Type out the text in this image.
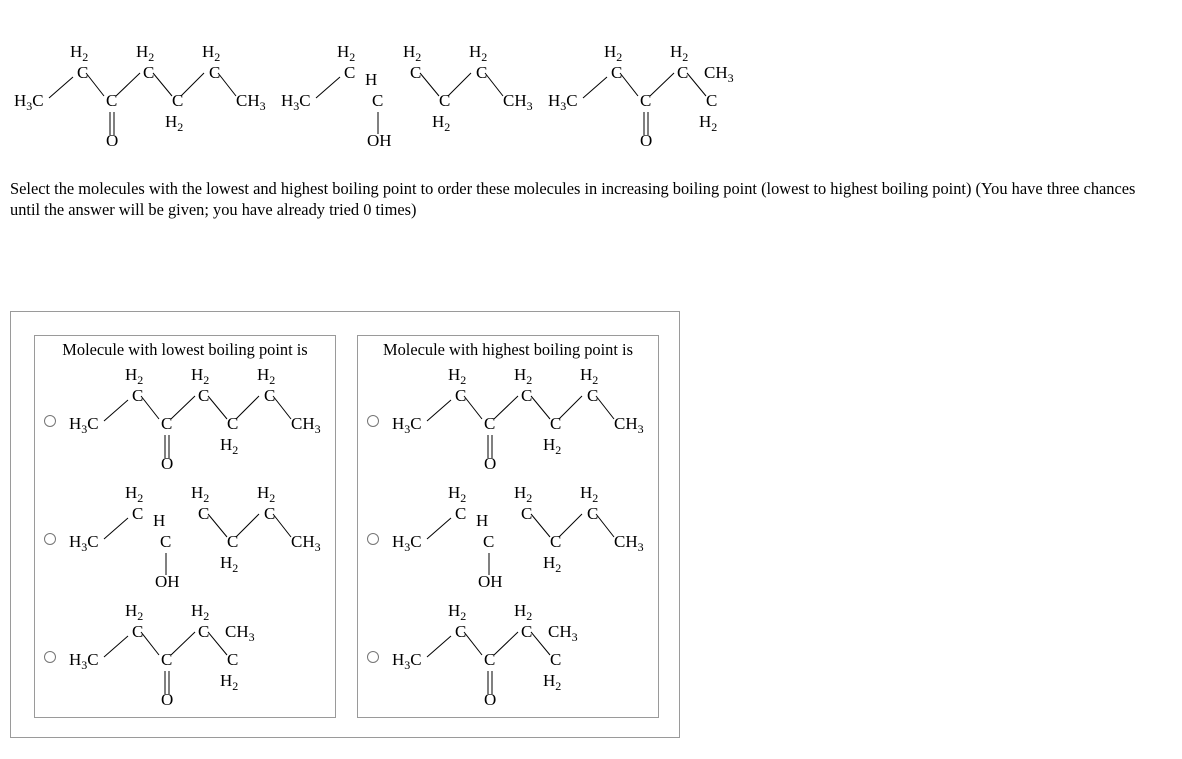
$H_3C$
$H_2$
C
C
O
$H_2$
C
C
$H_2$
$H_2$
C
$CH_3$ $H_3C$
$H_2$
C H
C
OH
$H_2$
C
C
$H_2$
$H_2$
C
$CH_3$ $H_3C$
$H_2$
C
C
O
$H_2$
C
C
$H_2$
$CH_3$

Select the molecules with the lowest and highest boiling point to order these molecules in increasing boiling point (lowest to highest boiling point) (You have three chances until the answer will be given; you have already tried 0 times)

Molecule with lowest boiling point is
$H_3C$
$H_2$
C
C
O
$H_2$
C
C
$H_2$
$H_2$
C
$CH_3$
$H_3C$
$H_2$
C H
C
OH
$H_2$
C
C
$H_2$
$H_2$
C
$CH_3$
$H_3C$
$H_2$
C
C
O
$H_2$
C
C
$H_2$
$CH_3$
Molecule with highest boiling point is
$H_3C$
$H_2$
C
C
O
$H_2$
C
C
$H_2$
$H_2$
C
$CH_3$
$H_3C$
$H_2$
C H
C
OH
$H_2$
C
C
$H_2$
$H_2$
C
$CH_3$
$H_3C$
$H_2$
C
C
O
$H_2$
C
C
$H_2$
$CH_3$
